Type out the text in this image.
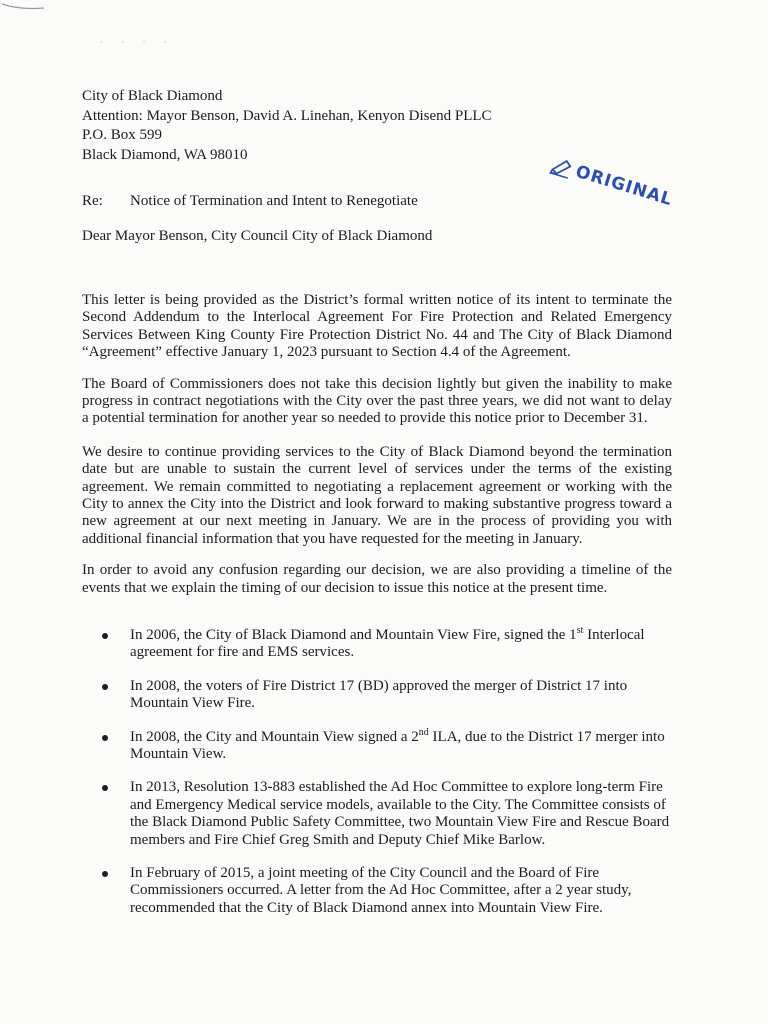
˙ ˙ ˙ ˙
City of Black Diamond
Attention: Mayor Benson, David A. Linehan, Kenyon Disend PLLC
P.O. Box 599
Black Diamond, WA 98010
ORIGINAL
Re: Notice of Termination and Intent to Renegotiate
Dear Mayor Benson, City Council City of Black Diamond

This letter is being provided as the District’s formal written notice of its intent to terminate the Second Addendum to the Interlocal Agreement For Fire Protection and Related Emergency Services Between King County Fire Protection District No. 44 and The City of Black Diamond “Agreement” effective January 1, 2023 pursuant to Section 4.4 of the Agreement.

The Board of Commissioners does not take this decision lightly but given the inability to make progress in contract negotiations with the City over the past three years, we did not want to delay a potential termination for another year so needed to provide this notice prior to December 31.

We desire to continue providing services to the City of Black Diamond beyond the termination date but are unable to sustain the current level of services under the terms of the existing agreement. We remain committed to negotiating a replacement agreement or working with the City to annex the City into the District and look forward to making substantive progress toward a new agreement at our next meeting in January. We are in the process of providing you with additional financial information that you have requested for the meeting in January.

In order to avoid any confusion regarding our decision, we are also providing a timeline of the events that we explain the timing of our decision to issue this notice at the present time.

In 2006, the City of Black Diamond and Mountain View Fire, signed the 1st Interlocal agreement for fire and EMS services.
In 2008, the voters of Fire District 17 (BD) approved the merger of District 17 into Mountain View Fire.
In 2008, the City and Mountain View signed a 2nd ILA, due to the District 17 merger into Mountain View.
In 2013, Resolution 13-883 established the Ad Hoc Committee to explore long-term Fire and Emergency Medical service models, available to the City. The Committee consists of the Black Diamond Public Safety Committee, two Mountain View Fire and Rescue Board members and Fire Chief Greg Smith and Deputy Chief Mike Barlow.
In February of 2015, a joint meeting of the City Council and the Board of Fire Commissioners occurred. A letter from the Ad Hoc Committee, after a 2 year study, recommended that the City of Black Diamond annex into Mountain View Fire.
